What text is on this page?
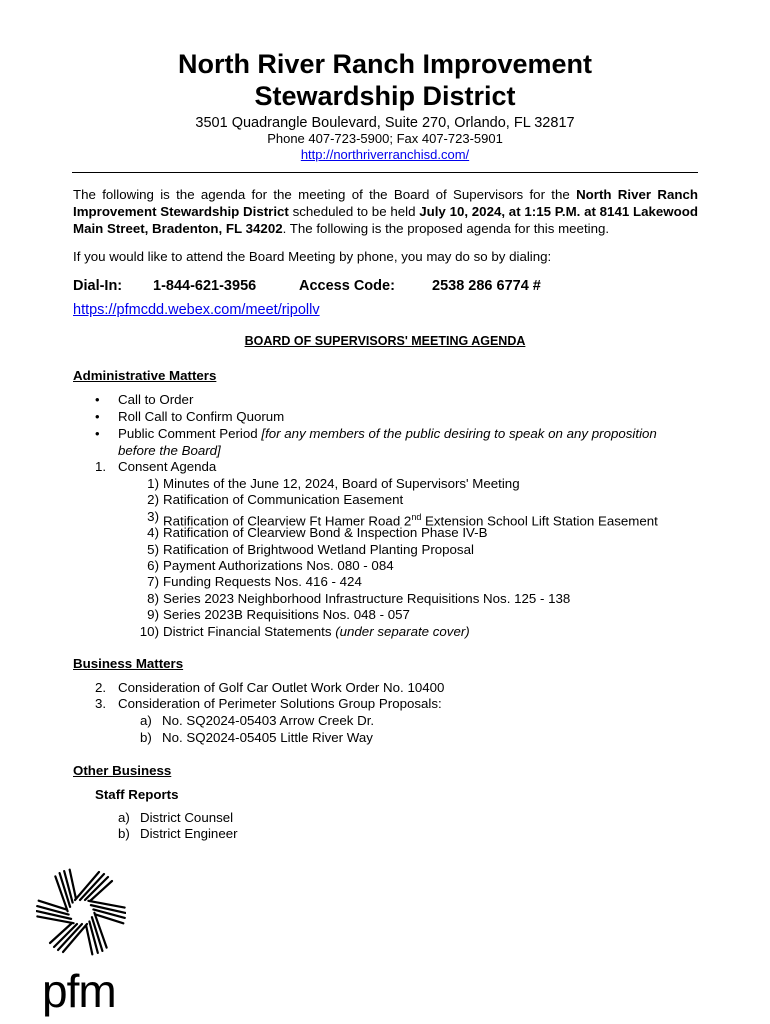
North River Ranch Improvement
Stewardship District
3501 Quadrangle Boulevard, Suite 270, Orlando, FL 32817
Phone 407-723-5900; Fax 407-723-5901
http://northriverranchisd.com/
The following is the agenda for the meeting of the Board of Supervisors for the North River Ranch Improvement Stewardship District scheduled to be held July 10, 2024, at 1:15 P.M. at 8141 Lakewood Main Street, Bradenton, FL 34202. The following is the proposed agenda for this meeting.
If you would like to attend the Board Meeting by phone, you may do so by dialing:
Dial-In: 1-844-621-3956	Access Code:	2538 286 6774 #
https://pfmcdd.webex.com/meet/ripollv
BOARD OF SUPERVISORS' MEETING AGENDA
Administrative Matters
• Call to Order
• Roll Call to Confirm Quorum
• Public Comment Period [for any members of the public desiring to speak on any proposition
before the Board]
1. Consent Agenda
1) Minutes of the June 12, 2024, Board of Supervisors' Meeting
2) Ratification of Communication Easement
3) Ratification of Clearview Ft Hamer Road 2nd Extension School Lift Station Easement
4) Ratification of Clearview Bond & Inspection Phase IV-B
5) Ratification of Brightwood Wetland Planting Proposal
6) Payment Authorizations Nos. 080 - 084
7) Funding Requests Nos. 416 - 424
8) Series 2023 Neighborhood Infrastructure Requisitions Nos. 125 - 138
9) Series 2023B Requisitions Nos. 048 - 057
10) District Financial Statements (under separate cover)
Business Matters
2. Consideration of Golf Car Outlet Work Order No. 10400
3. Consideration of Perimeter Solutions Group Proposals:
a) No. SQ2024-05403 Arrow Creek Dr.
b) No. SQ2024-05405 Little River Way
Other Business
Staff Reports
a) District Counsel
b) District Engineer
pfm
